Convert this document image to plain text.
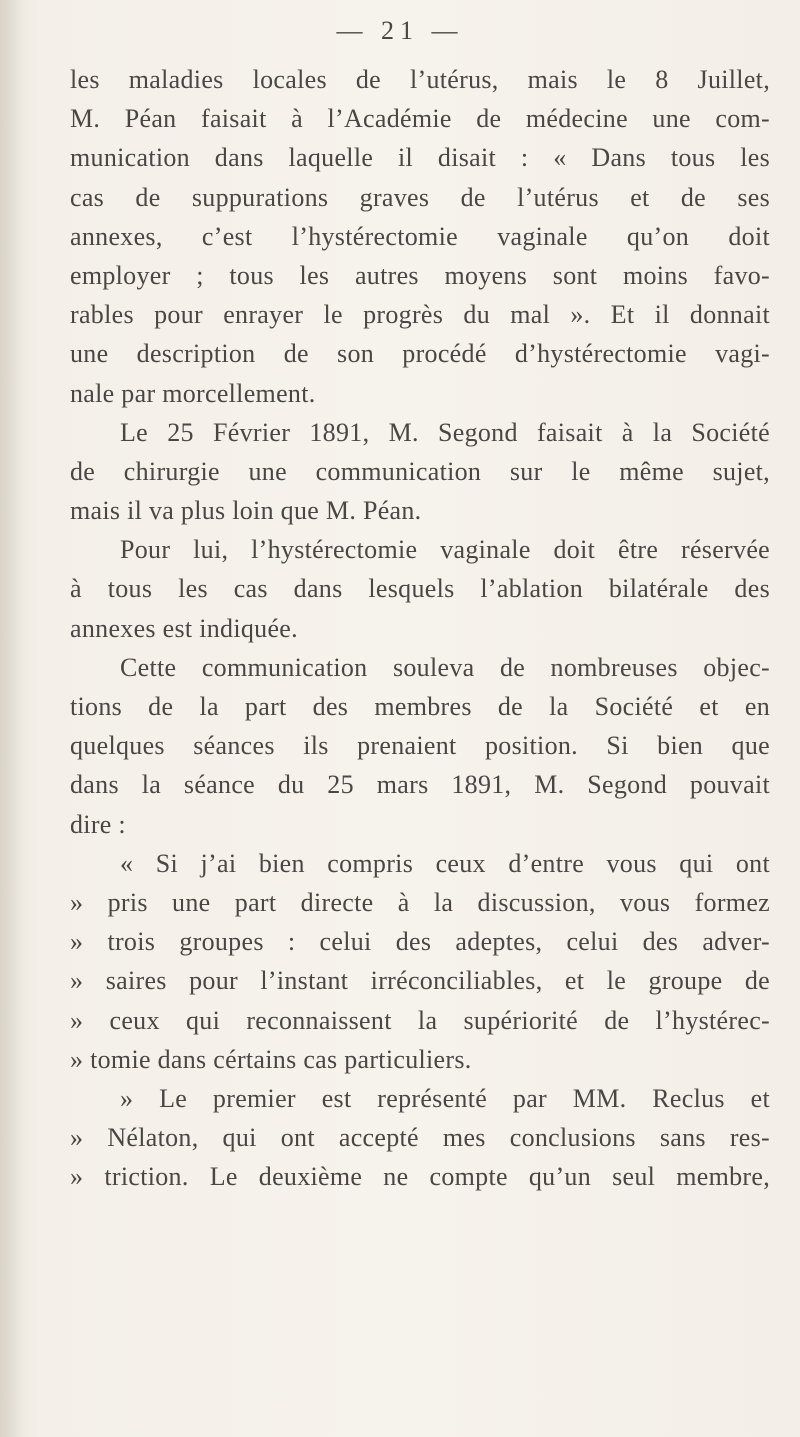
— 21 —
les maladies locales de l’utérus, mais le 8 Juillet,
M. Péan faisait à l’Académie de médecine une com-
munication dans laquelle il disait : « Dans tous les
cas de suppurations graves de l’utérus et de ses
annexes, c’est l’hystérectomie vaginale qu’on doit
employer ; tous les autres moyens sont moins favo-
rables pour enrayer le progrès du mal ». Et il donnait
une description de son procédé d’hystérectomie vagi-
nale par morcellement.
Le 25 Février 1891, M. Segond faisait à la Société
de chirurgie une communication sur le même sujet,
mais il va plus loin que M. Péan.
Pour lui, l’hystérectomie vaginale doit être réservée
à tous les cas dans lesquels l’ablation bilatérale des
annexes est indiquée.
Cette communication souleva de nombreuses objec-
tions de la part des membres de la Société et en
quelques séances ils prenaient position. Si bien que
dans la séance du 25 mars 1891, M. Segond pouvait
dire :
« Si j’ai bien compris ceux d’entre vous qui ont
» pris une part directe à la discussion, vous formez
» trois groupes : celui des adeptes, celui des adver-
» saires pour l’instant irréconciliables, et le groupe de
» ceux qui reconnaissent la supériorité de l’hystérec-
» tomie dans cértains cas particuliers.
» Le premier est représenté par MM. Reclus et
» Nélaton, qui ont accepté mes conclusions sans res-
» triction. Le deuxième ne compte qu’un seul membre,
